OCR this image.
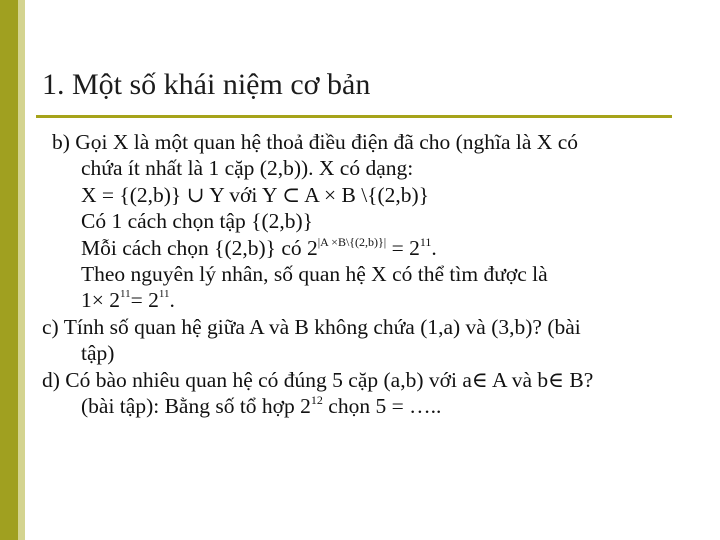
1. Một số khái niệm cơ bản
b) Gọi X là một quan hệ thoả điều điện đã cho (nghĩa là X có
chứa ít nhất là 1 cặp (2,b)). X có dạng:
X = {(2,b)} ∪ Y với Y ⊂ A × B \{(2,b)}
Có 1 cách chọn tập {(2,b)}
Mỗi cách chọn {(2,b)} có $2^{|A \times B\backslash\{(2,b)\}|} = 2^{11}$.
Theo nguyên lý nhân, số quan hệ X có thể tìm được là
$1\times 2^{11}= 2^{11}$.
c) Tính số quan hệ giữa A và B không chứa (1,a) và (3,b)? (bài
tập)
d) Có bào nhiêu quan hệ có đúng 5 cặp (a,b) với a∈ A và b∈ B?
(bài tập): Bằng số tổ hợp $2^{12}$ chọn 5 = …..
